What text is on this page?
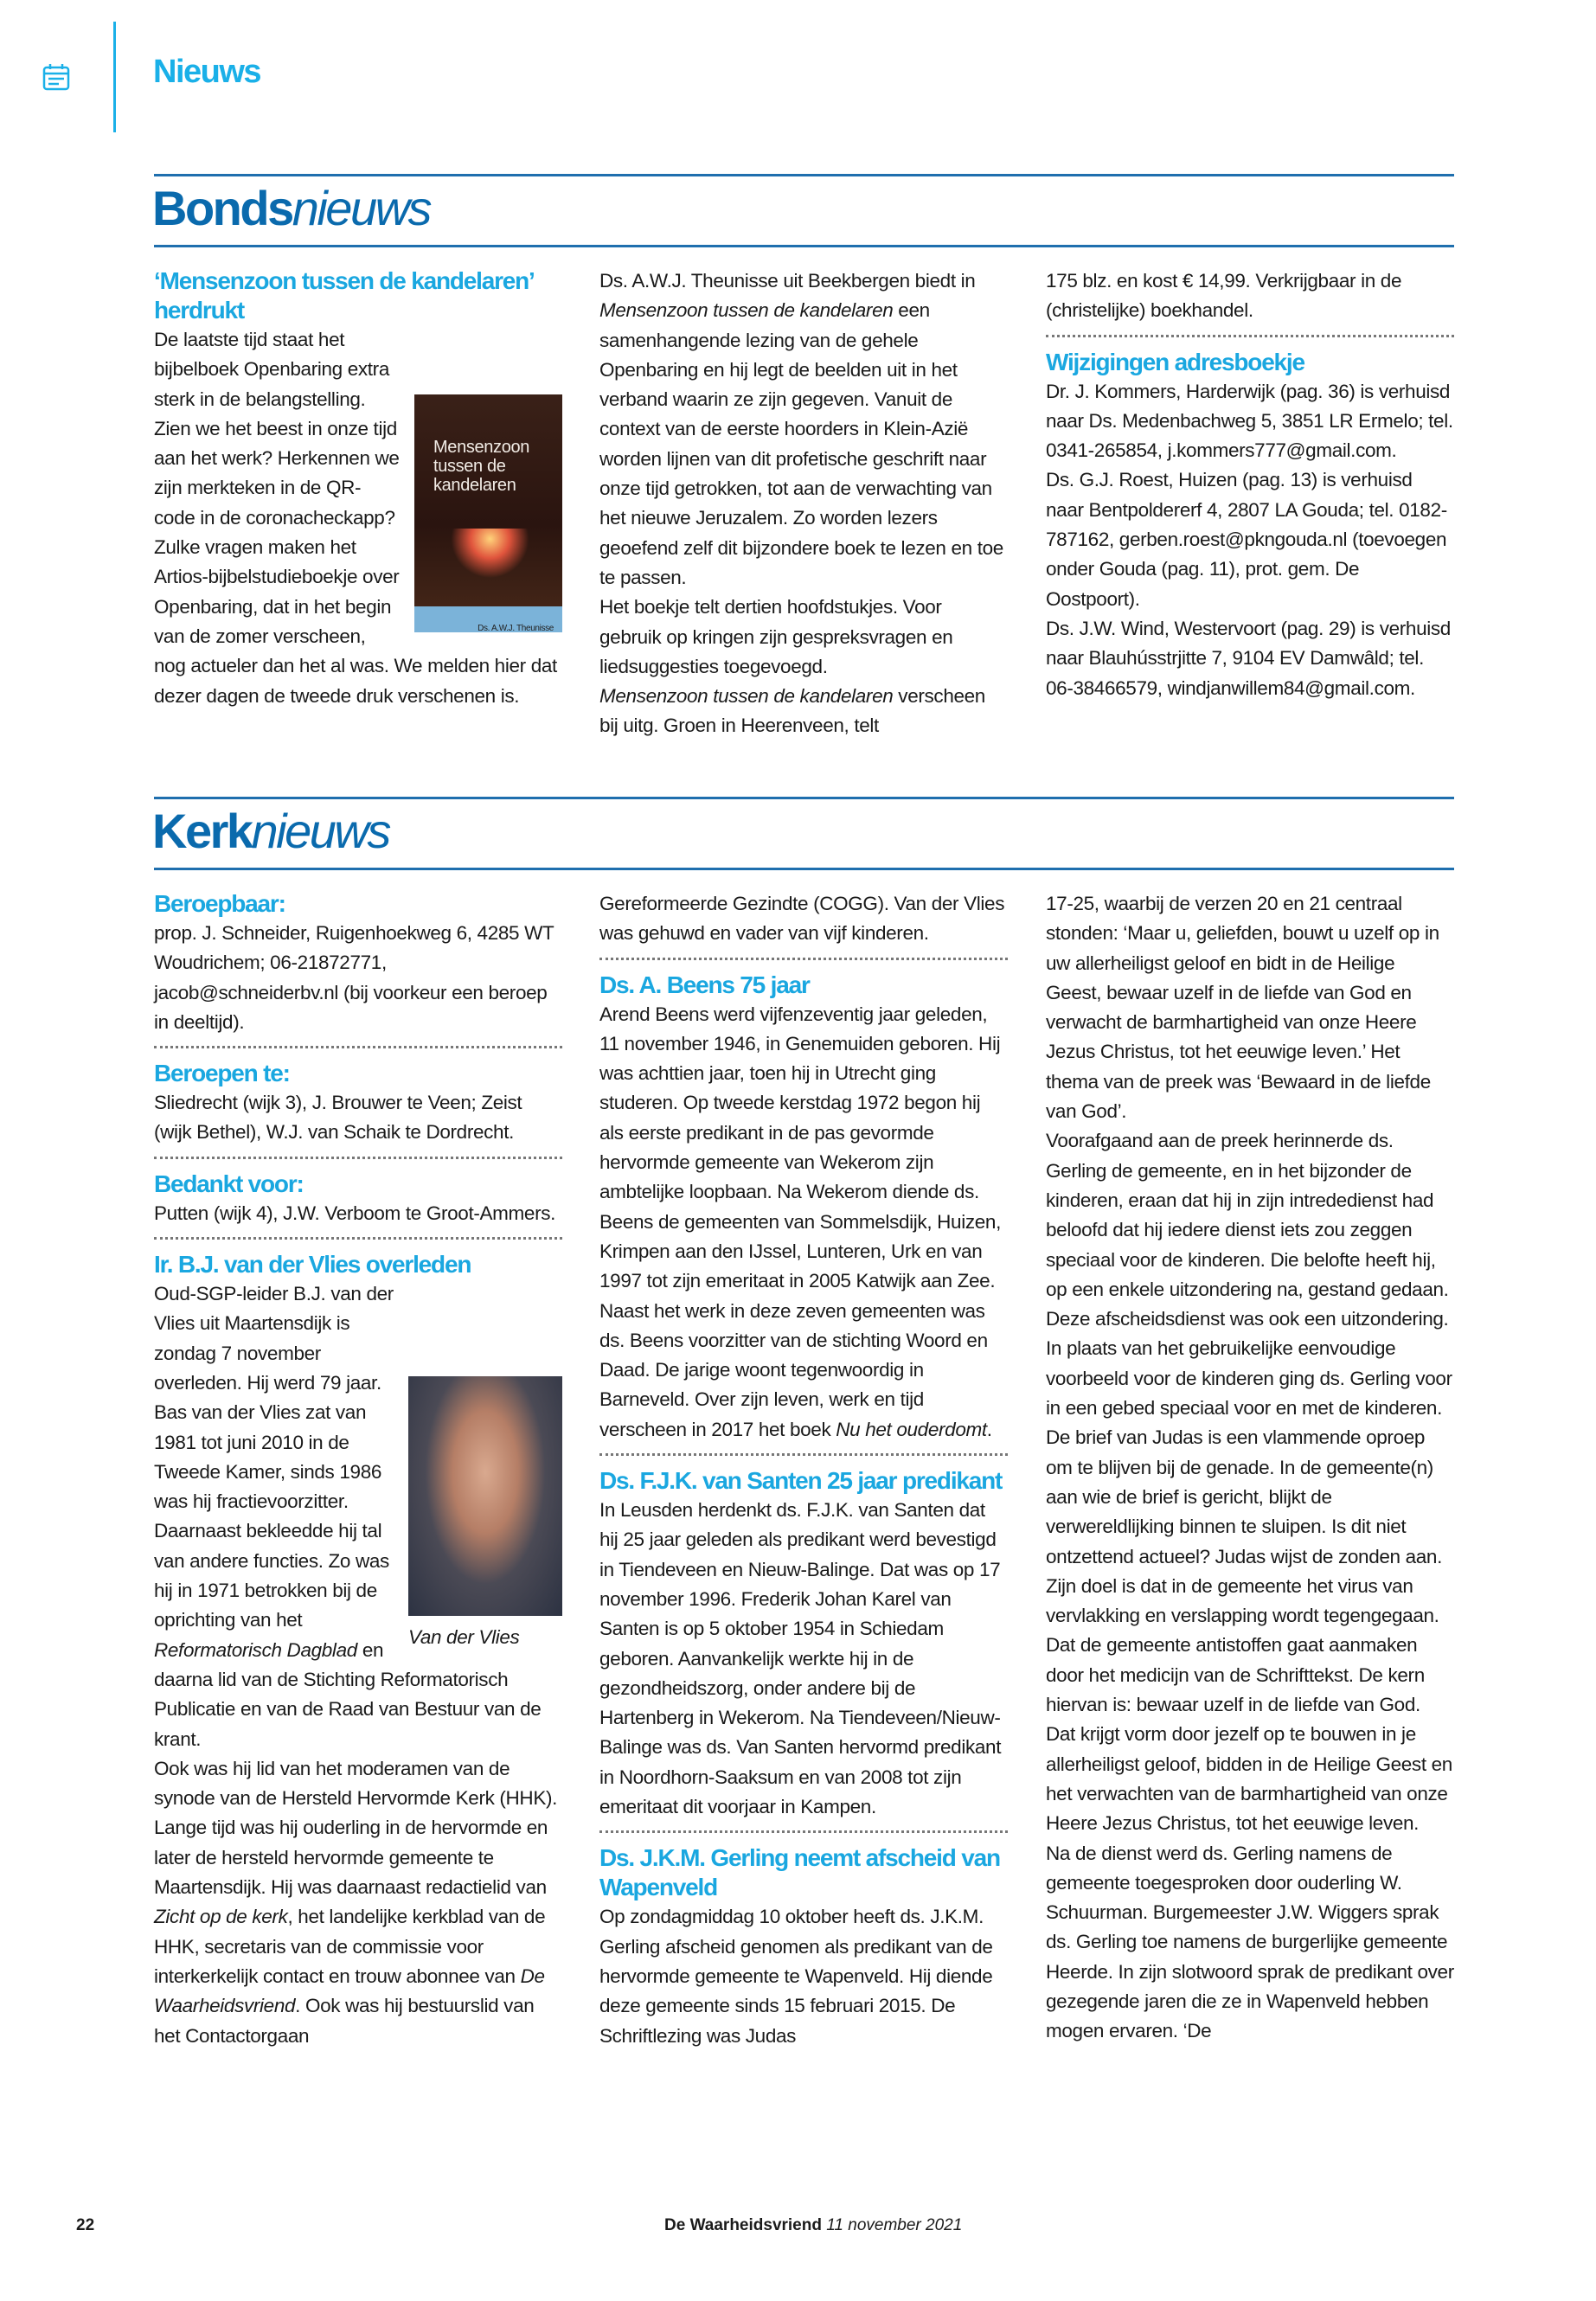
Nieuws
Bondsnieuws
‘Mensenzoon tussen de kandelaren’ herdrukt
Mensenzoon tussen de kandelaren
Ds. A.W.J. Theunisse

De laatste tijd staat het bijbelboek Openbaring extra sterk in de belangstelling. Zien we het beest in onze tijd aan het werk? Herkennen we zijn merkteken in de QR-code in de coronacheckapp? Zulke vragen maken het Artios-bijbelstudieboekje over Openbaring, dat in het begin van de zomer verscheen, nog actueler dan het al was. We melden hier dat dezer dagen de tweede druk verschenen is.

Ds. A.W.J. Theunisse uit Beekbergen biedt in Mensenzoon tussen de kandelaren een samenhangende lezing van de gehele Openbaring en hij legt de beelden uit in het verband waarin ze zijn gegeven. Vanuit de context van de eerste hoorders in Klein-Azië worden lijnen van dit profetische geschrift naar onze tijd getrokken, tot aan de verwachting van het nieuwe Jeruzalem. Zo worden lezers geoefend zelf dit bijzondere boek te lezen en toe te passen.

Het boekje telt dertien hoofdstukjes. Voor gebruik op kringen zijn gespreksvragen en liedsuggesties toegevoegd.

Mensenzoon tussen de kandelaren verscheen bij uitg. Groen in Heerenveen, telt

175 blz. en kost € 14,99. Verkrijgbaar in de (christelijke) boekhandel.

Wijzigingen adresboekje

Dr. J. Kommers, Harderwijk (pag. 36) is verhuisd naar Ds. Medenbachweg 5, 3851 LR Ermelo; tel. 0341-265854, j.kommers777@gmail.com.

Ds. G.J. Roest, Huizen (pag. 13) is verhuisd naar Bentpoldererf 4, 2807 LA Gouda; tel. 0182-787162, gerben.roest@pkngouda.nl (toevoegen onder Gouda (pag. 11), prot. gem. De Oostpoort).

Ds. J.W. Wind, Westervoort (pag. 29) is verhuisd naar Blauhússtrjitte 7, 9104 EV Damwâld; tel. 06-38466579, windjanwillem84@gmail.com.

Kerknieuws
Beroepbaar:

prop. J. Schneider, Ruigenhoekweg 6, 4285 WT Woudrichem; 06-21872771, jacob@schneiderbv.nl (bij voorkeur een beroep in deeltijd).

Beroepen te:

Sliedrecht (wijk 3), J. Brouwer te Veen; Zeist (wijk Bethel), W.J. van Schaik te Dordrecht.

Bedankt voor:

Putten (wijk 4), J.W. Verboom te Groot-Ammers.

Ir. B.J. van der Vlies overleden
Van der Vlies

Oud-SGP-leider B.J. van der Vlies uit Maartensdijk is zondag 7 november overleden. Hij werd 79 jaar. Bas van der Vlies zat van 1981 tot juni 2010 in de Tweede Kamer, sinds 1986 was hij fractievoorzitter. Daarnaast bekleedde hij tal van andere functies. Zo was hij in 1971 betrokken bij de oprichting van het Reformatorisch Dagblad en daarna lid van de Stichting Reformatorisch Publicatie en van de Raad van Bestuur van de krant.

Ook was hij lid van het moderamen van de synode van de Hersteld Hervormde Kerk (HHK). Lange tijd was hij ouderling in de hervormde en later de hersteld hervormde gemeente te Maartensdijk. Hij was daarnaast redactielid van Zicht op de kerk, het landelijke kerkblad van de HHK, secretaris van de commissie voor interkerkelijk contact en trouw abonnee van De Waarheidsvriend. Ook was hij bestuurslid van het Contactorgaan

Gereformeerde Gezindte (COGG). Van der Vlies was gehuwd en vader van vijf kinderen.

Ds. A. Beens 75 jaar

Arend Beens werd vijfenzeventig jaar geleden, 11 november 1946, in Genemuiden geboren. Hij was achttien jaar, toen hij in Utrecht ging studeren. Op tweede kerstdag 1972 begon hij als eerste predikant in de pas gevormde hervormde gemeente van Wekerom zijn ambtelijke loopbaan. Na Wekerom diende ds. Beens de gemeenten van Sommelsdijk, Huizen, Krimpen aan den IJssel, Lunteren, Urk en van 1997 tot zijn emeritaat in 2005 Katwijk aan Zee. Naast het werk in deze zeven gemeenten was ds. Beens voorzitter van de stichting Woord en Daad. De jarige woont tegenwoordig in Barneveld. Over zijn leven, werk en tijd verscheen in 2017 het boek Nu het ouderdomt.

Ds. F.J.K. van Santen 25 jaar predikant

In Leusden herdenkt ds. F.J.K. van Santen dat hij 25 jaar geleden als predikant werd bevestigd in Tiendeveen en Nieuw-Balinge. Dat was op 17 november 1996. Frederik Johan Karel van Santen is op 5 oktober 1954 in Schiedam geboren. Aanvankelijk werkte hij in de gezondheidszorg, onder andere bij de Hartenberg in Wekerom. Na Tiendeveen/Nieuw-Balinge was ds. Van Santen hervormd predikant in Noordhorn-Saaksum en van 2008 tot zijn emeritaat dit voorjaar in Kampen.

Ds. J.K.M. Gerling neemt afscheid van Wapenveld

Op zondagmiddag 10 oktober heeft ds. J.K.M. Gerling afscheid genomen als predikant van de hervormde gemeente te Wapenveld. Hij diende deze gemeente sinds 15 februari 2015. De Schriftlezing was Judas

17-25, waarbij de verzen 20 en 21 centraal stonden: ‘Maar u, geliefden, bouwt u uzelf op in uw allerheiligst geloof en bidt in de Heilige Geest, bewaar uzelf in de liefde van God en verwacht de barmhartigheid van onze Heere Jezus Christus, tot het eeuwige leven.’ Het thema van de preek was ‘Bewaard in de liefde van God’.

Voorafgaand aan de preek herinnerde ds. Gerling de gemeente, en in het bijzonder de kinderen, eraan dat hij in zijn intrededienst had beloofd dat hij iedere dienst iets zou zeggen speciaal voor de kinderen. Die belofte heeft hij, op een enkele uitzondering na, gestand gedaan. Deze afscheidsdienst was ook een uitzondering. In plaats van het gebruikelijke eenvoudige voorbeeld voor de kinderen ging ds. Gerling voor in een gebed speciaal voor en met de kinderen.

De brief van Judas is een vlammende oproep om te blijven bij de genade. In de gemeente(n) aan wie de brief is gericht, blijkt de verwereldlijking binnen te sluipen. Is dit niet ontzettend actueel? Judas wijst de zonden aan. Zijn doel is dat in de gemeente het virus van vervlakking en verslapping wordt tegengegaan. Dat de gemeente antistoffen gaat aanmaken door het medicijn van de Schrifttekst. De kern hiervan is: bewaar uzelf in de liefde van God. Dat krijgt vorm door jezelf op te bouwen in je allerheiligst geloof, bidden in de Heilige Geest en het verwachten van de barmhartigheid van onze Heere Jezus Christus, tot het eeuwige leven.

Na de dienst werd ds. Gerling namens de gemeente toegesproken door ouderling W. Schuurman. Burgemeester J.W. Wiggers sprak ds. Gerling toe namens de burgerlijke gemeente Heerde. In zijn slotwoord sprak de predikant over gezegende jaren die ze in Wapenveld hebben mogen ervaren. ‘De

22	De Waarheidsvriend 11 november 2021
